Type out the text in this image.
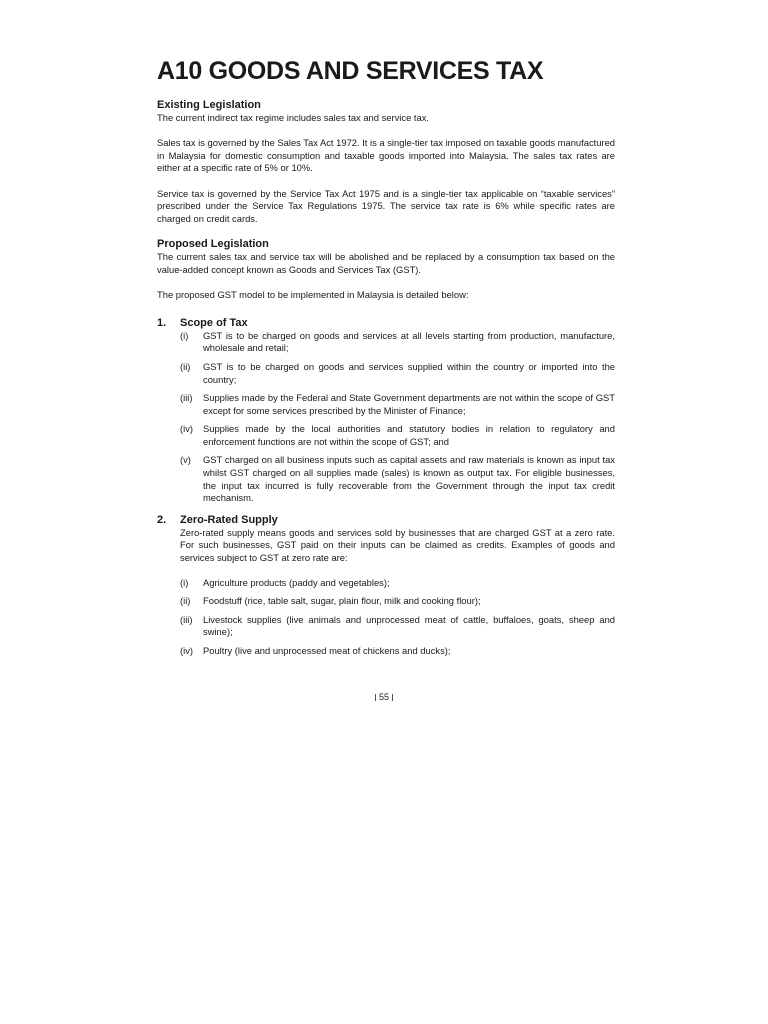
A10 GOODS AND SERVICES TAX
Existing Legislation

The current indirect tax regime includes sales tax and service tax.

Sales tax is governed by the Sales Tax Act 1972. It is a single-tier tax imposed on taxable goods manufactured in Malaysia for domestic consumption and taxable goods imported into Malaysia. The sales tax rates are either at a specific rate of 5% or 10%.

Service tax is governed by the Service Tax Act 1975 and is a single-tier tax applicable on “taxable services” prescribed under the Service Tax Regulations 1975. The service tax rate is 6% while specific rates are charged on credit cards.

Proposed Legislation

The current sales tax and service tax will be abolished and be replaced by a consumption tax based on the value-added concept known as Goods and Services Tax (GST).

The proposed GST model to be implemented in Malaysia is detailed below:

1.	Scope of Tax
(i)	GST is to be charged on goods and services at all levels starting from production, manufacture, wholesale and retail;
(ii)	GST is to be charged on goods and services supplied within the country or imported into the country;
(iii)	Supplies made by the Federal and State Government departments are not within the scope of GST except for some services prescribed by the Minister of Finance;
(iv)	Supplies made by the local authorities and statutory bodies in relation to regulatory and enforcement functions are not within the scope of GST; and
(v)	GST charged on all business inputs such as capital assets and raw materials is known as input tax whilst GST charged on all supplies made (sales) is known as output tax. For eligible businesses, the input tax incurred is fully recoverable from the Government through the input tax credit mechanism.
2.	Zero-Rated Supply

Zero-rated supply means goods and services sold by businesses that are charged GST at a zero rate. For such businesses, GST paid on their inputs can be claimed as credits. Examples of goods and services subject to GST at zero rate are:

(i)	Agriculture products (paddy and vegetables);
(ii)	Foodstuff (rice, table salt, sugar, plain flour, milk and cooking flour);
(iii)	Livestock supplies (live animals and unprocessed meat of cattle, buffaloes, goats, sheep and swine);
(iv)	Poultry (live and unprocessed meat of chickens and ducks);
55
